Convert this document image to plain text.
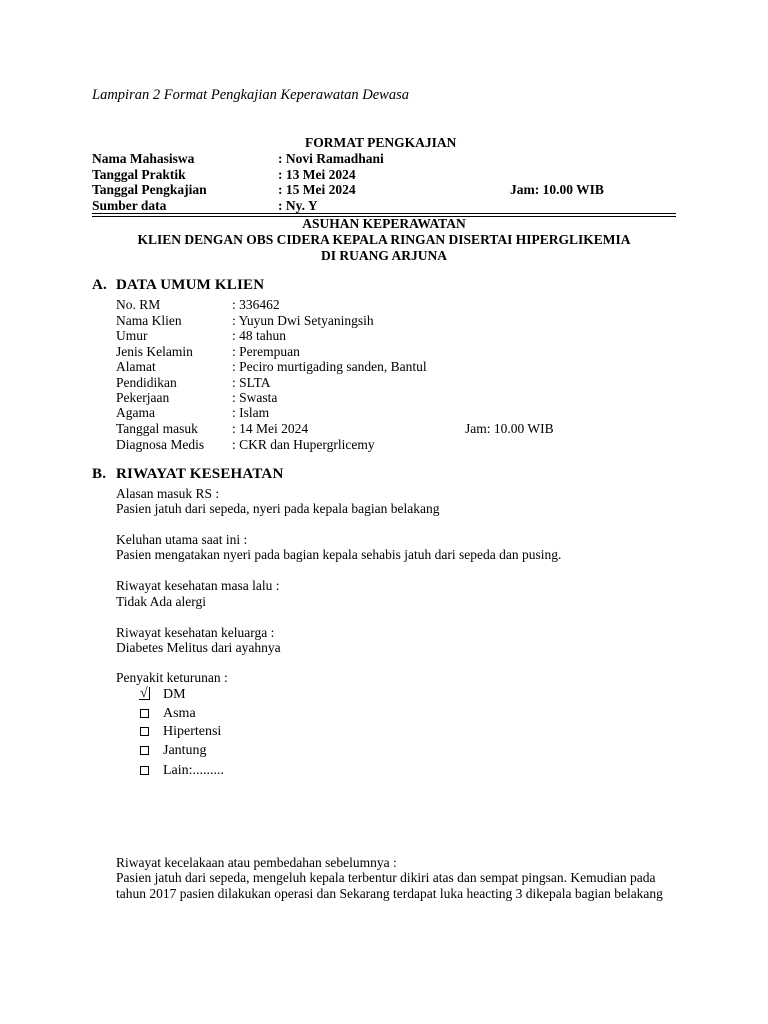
Lampiran 2 Format Pengkajian Keperawatan Dewasa
FORMAT PENGKAJIAN
Nama Mahasiswa	: Novi Ramadhani
Tanggal Praktik	: 13 Mei 2024
Tanggal Pengkajian	: 15 Mei 2024	Jam: 10.00 WIB
Sumber data	: Ny. Y
ASUHAN KEPERAWATAN
KLIEN DENGAN OBS CIDERA KEPALA RINGAN DISERTAI HIPERGLIKEMIA
DI RUANG ARJUNA
A. DATA UMUM KLIEN
No. RM	: 336462
Nama Klien	: Yuyun Dwi Setyaningsih
Umur	: 48 tahun
Jenis Kelamin	: Perempuan
Alamat	: Peciro murtigading sanden, Bantul
Pendidikan	: SLTA
Pekerjaan	: Swasta
Agama	: Islam
Tanggal masuk	: 14 Mei 2024	Jam: 10.00 WIB
Diagnosa Medis : CKR dan Hupergrlicemy
B. RIWAYAT KESEHATAN
Alasan masuk RS :
Pasien jatuh dari sepeda, nyeri pada kepala bagian belakang
Keluhan utama saat ini :
Pasien mengatakan nyeri pada bagian kepala sehabis jatuh dari sepeda dan pusing.
Riwayat kesehatan masa lalu :
Tidak Ada alergi
Riwayat kesehatan keluarga :
Diabetes Melitus dari ayahnya
Penyakit keturunan :
√ DM
Asma
Hipertensi
Jantung
Lain:.........
Riwayat kecelakaan atau pembedahan sebelumnya :
Pasien jatuh dari sepeda, mengeluh kepala terbentur dikiri atas dan sempat pingsan. Kemudian pada tahun 2017 pasien dilakukan operasi dan Sekarang terdapat luka heacting 3 dikepala bagian belakang
